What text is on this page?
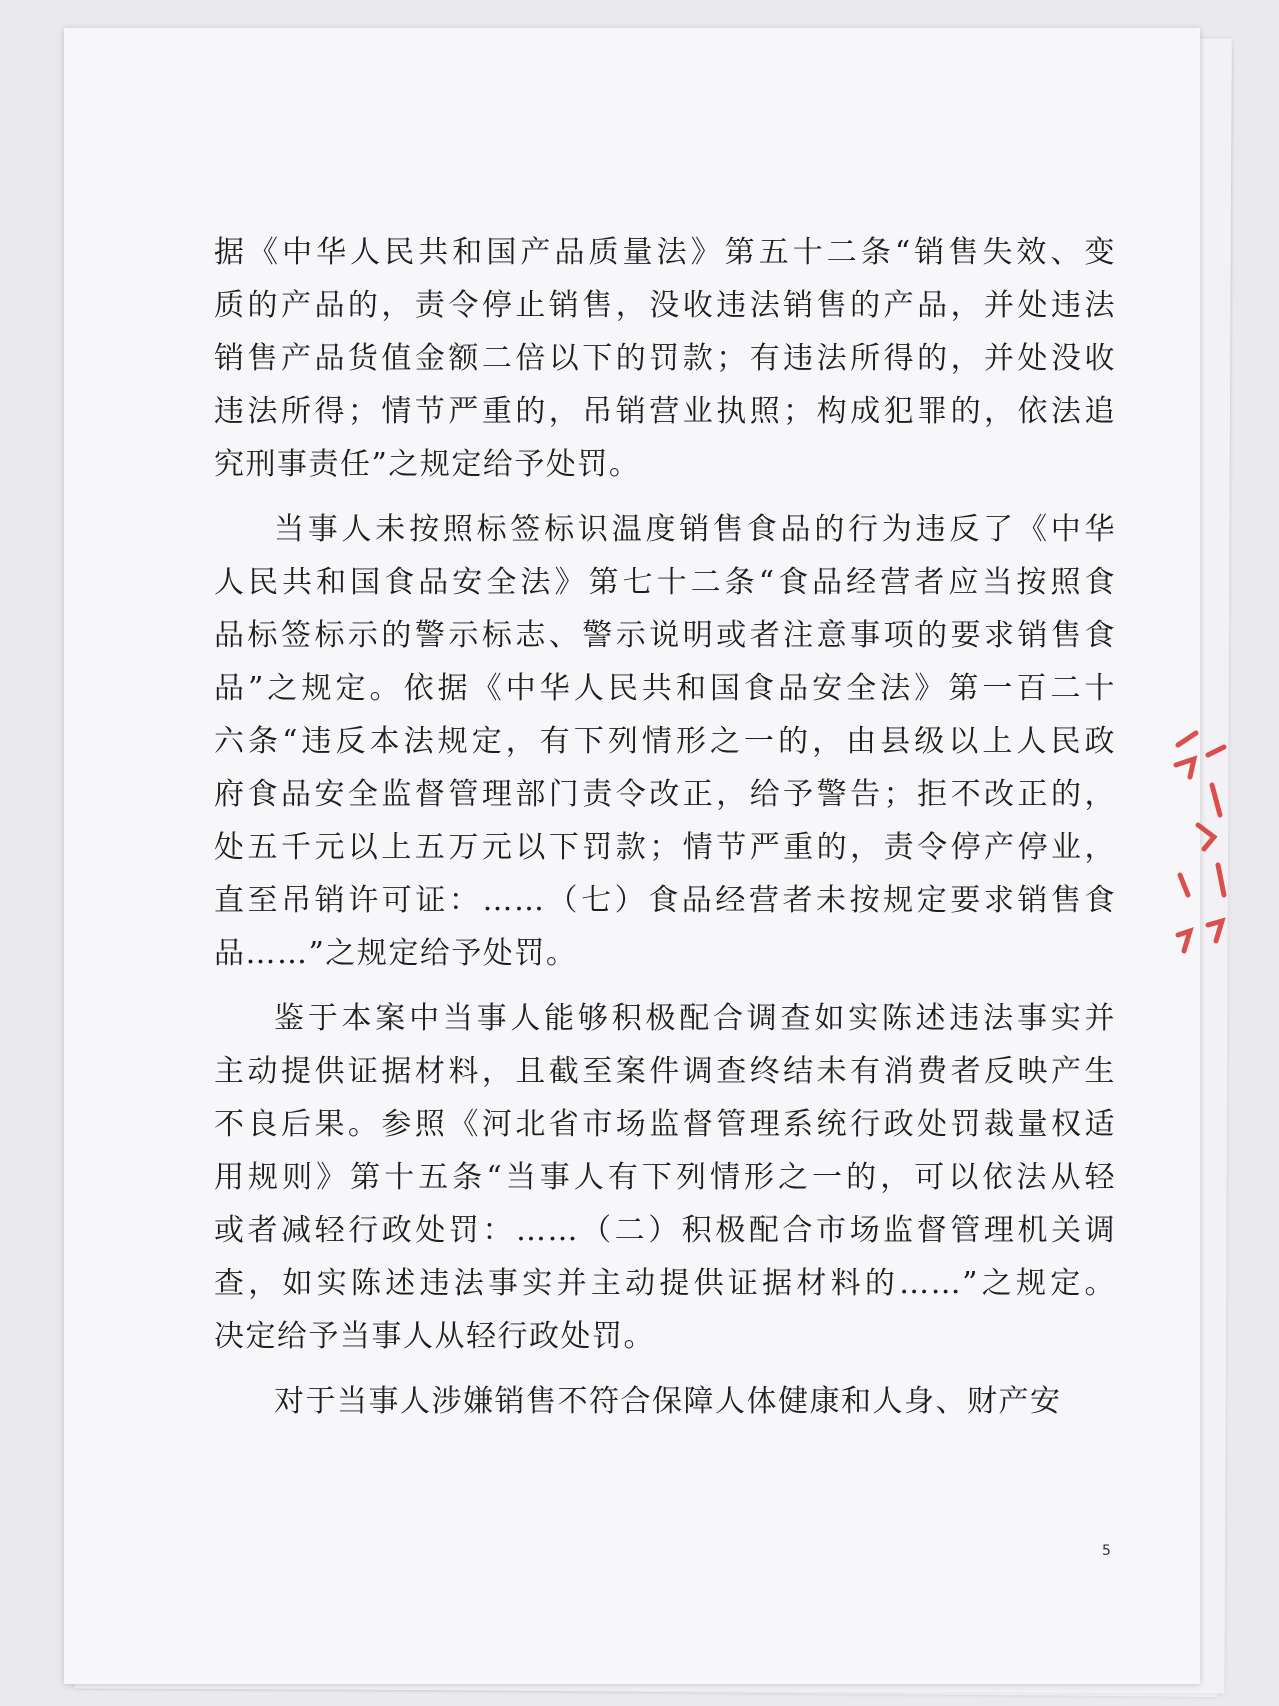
据《中华人民共和国产品质量法》第五十二条“销售失效、变
质的产品的，责令停止销售，没收违法销售的产品，并处违法
销售产品货值金额二倍以下的罚款；有违法所得的，并处没收
违法所得；情节严重的，吊销营业执照；构成犯罪的，依法追
究刑事责任”之规定给予处罚。
当事人未按照标签标识温度销售食品的行为违反了《中华
人民共和国食品安全法》第七十二条“食品经营者应当按照食
品标签标示的警示标志、警示说明或者注意事项的要求销售食
品”之规定。依据《中华人民共和国食品安全法》第一百二十
六条“违反本法规定，有下列情形之一的，由县级以上人民政
府食品安全监督管理部门责令改正，给予警告；拒不改正的，
处五千元以上五万元以下罚款；情节严重的，责令停产停业，
直至吊销许可证：……（七）食品经营者未按规定要求销售食
品……”之规定给予处罚。
鉴于本案中当事人能够积极配合调查如实陈述违法事实并
主动提供证据材料，且截至案件调查终结未有消费者反映产生
不良后果。参照《河北省市场监督管理系统行政处罚裁量权适
用规则》第十五条“当事人有下列情形之一的，可以依法从轻
或者减轻行政处罚：……（二）积极配合市场监督管理机关调
查，如实陈述违法事实并主动提供证据材料的……”之规定。
决定给予当事人从轻行政处罚。
对于当事人涉嫌销售不符合保障人体健康和人身、财产安
5
